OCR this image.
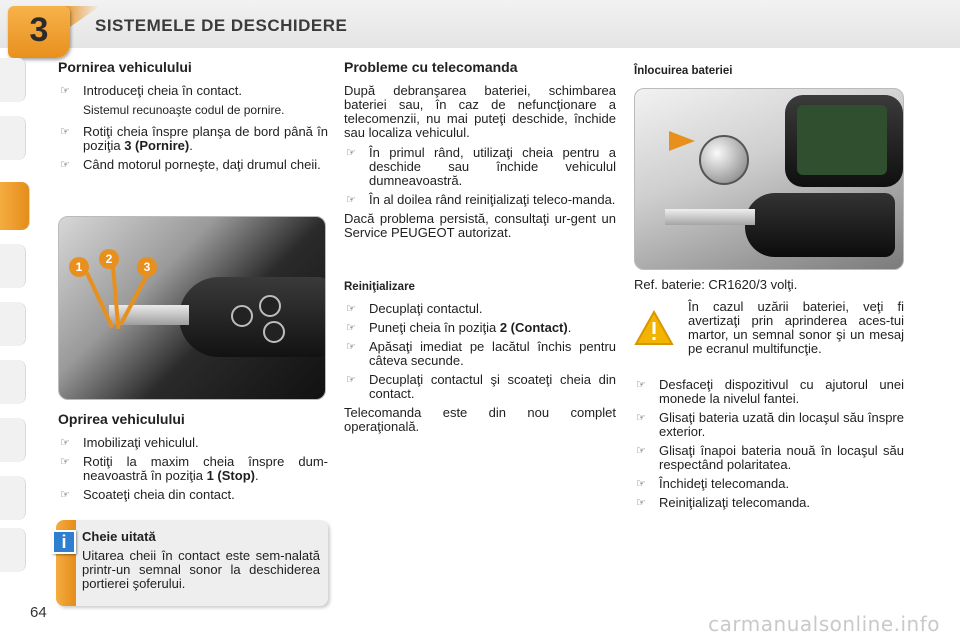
SISTEMELE DE DESCHIDERE
3
Pornirea vehiculului
☞ Introduceţi cheia în contact.
Sistemul recunoaşte codul de pornire.
☞ Rotiţi cheia înspre planşa de bord până în poziţia 3 (Pornire).
☞ Când motorul porneşte, daţi drumul cheii.
1
2
3
Oprirea vehiculului
☞ Imobilizaţi vehiculul.
☞ Rotiţi la maxim cheia înspre dum-neavoastră în poziţia 1 (Stop).
☞ Scoateţi cheia din contact.
i	Cheie uitată
Uitarea cheii în contact este sem-nalată printr-un semnal sonor la deschiderea portierei şoferului.
Probleme cu telecomanda

După debranşarea bateriei, schimbarea bateriei sau, în caz de nefuncţionare a telecomenzii, nu mai puteţi deschide, închide sau localiza vehiculul.

☞ În primul rând, utilizaţi cheia pentru a deschide sau închide vehiculul dumneavoastră.
☞ În al doilea rând reiniţializaţi teleco-manda.

Dacă problema persistă, consultaţi ur-gent un Service PEUGEOT autorizat.

Reiniţializare
☞ Decuplaţi contactul.
☞ Puneţi cheia în poziţia 2 (Contact).
☞ Apăsaţi imediat pe lacătul închis pentru câteva secunde.
☞ Decuplaţi contactul şi scoateţi cheia din contact.

Telecomanda este din nou complet operaţională.

Înlocuirea bateriei

Ref. baterie: CR1620/3 volţi.

În cazul uzării bateriei, veţi fi avertizaţi prin aprinderea aces-tui martor, un semnal sonor şi un mesaj pe ecranul multifuncţie.
☞ Desfaceţi dispozitivul cu ajutorul unei monede la nivelul fantei.
☞ Glisaţi bateria uzată din locaşul său înspre exterior.
☞ Glisaţi înapoi bateria nouă în locaşul său respectând polaritatea.
☞ Închideţi telecomanda.
☞ Reiniţializaţi telecomanda.
64	carmanualsonline.info
